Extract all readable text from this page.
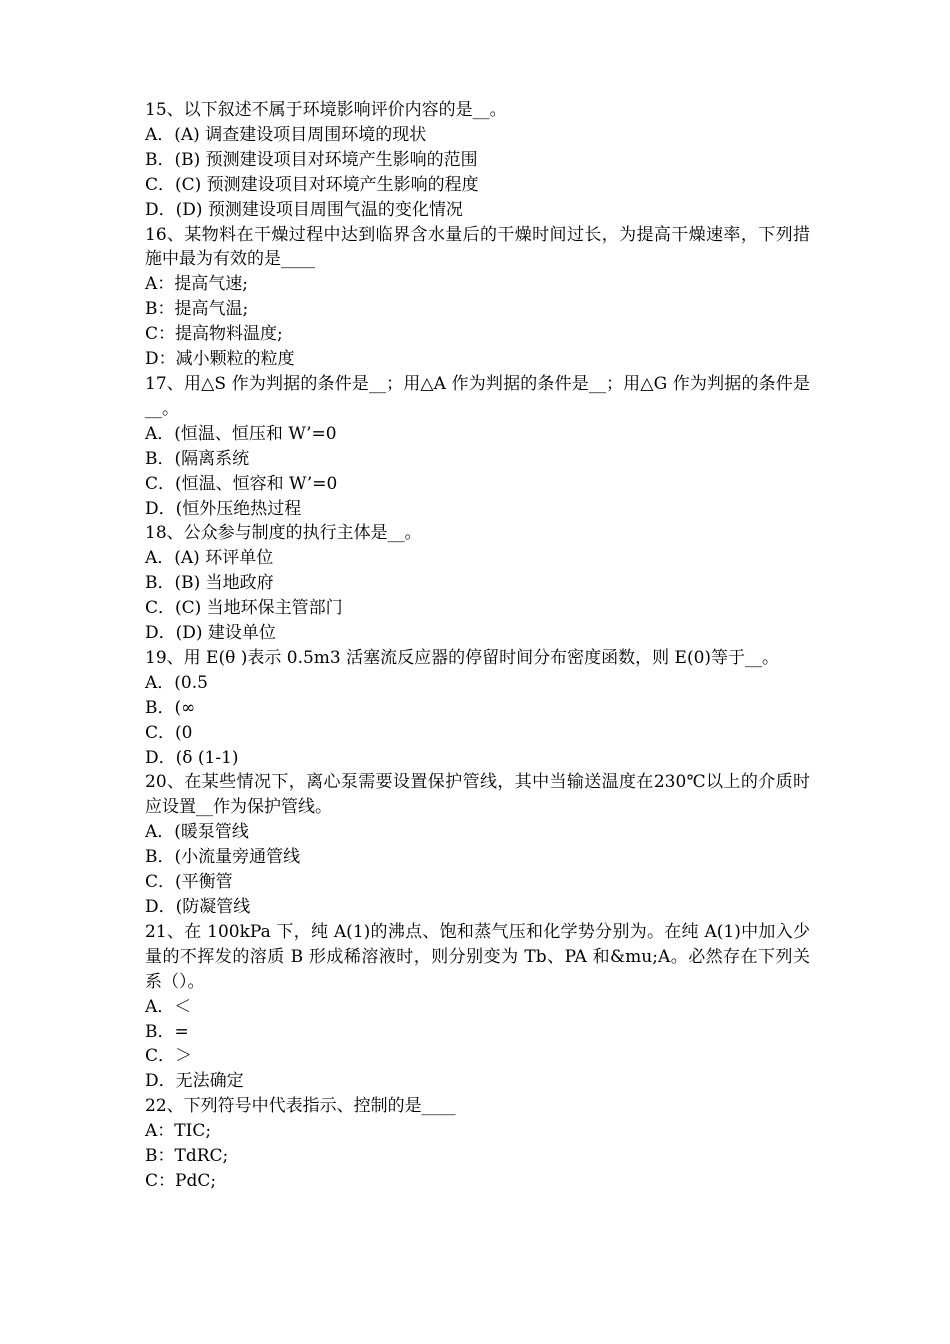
15、以下叙述不属于环境影响评价内容的是__。

A．(A) 调查建设项目周围环境的现状

B．(B) 预测建设项目对环境产生影响的范围

C．(C) 预测建设项目对环境产生影响的程度

D．(D) 预测建设项目周围气温的变化情况

16、某物料在干燥过程中达到临界含水量后的干燥时间过长，为提高干燥速率，下列措施中最为有效的是____

A：提高气速;

B：提高气温;

C：提高物料温度;

D：减小颗粒的粒度

17、用△S 作为判据的条件是__；用△A 作为判据的条件是__；用△G 作为判据的条件是__。

A．(恒温、恒压和 W’=0

B．(隔离系统

C．(恒温、恒容和 W’=0

D．(恒外压绝热过程

18、公众参与制度的执行主体是__。

A．(A) 环评单位

B．(B) 当地政府

C．(C) 当地环保主管部门

D．(D) 建设单位

19、用 E(θ )表示 0.5m3 活塞流反应器的停留时间分布密度函数，则 E(0)等于__。

A．(0.5

B．(∞

C．(0

D．(δ (1-1)

20、在某些情况下，离心泵需要设置保护管线，其中当输送温度在230℃以上的介质时应设置__作为保护管线。

A．(暖泵管线

B．(小流量旁通管线

C．(平衡管

D．(防凝管线

21、在 100kPa 下，纯 A(1)的沸点、饱和蒸气压和化学势分别为。在纯 A(1)中加入少量的不挥发的溶质 B 形成稀溶液时，则分别变为 Tb、PA 和&mu;A。必然存在下列关系（）。

A．＜

B．=

C．＞

D．无法确定

22、下列符号中代表指示、控制的是____

A：TIC;

B：TdRC;

C：PdC;
